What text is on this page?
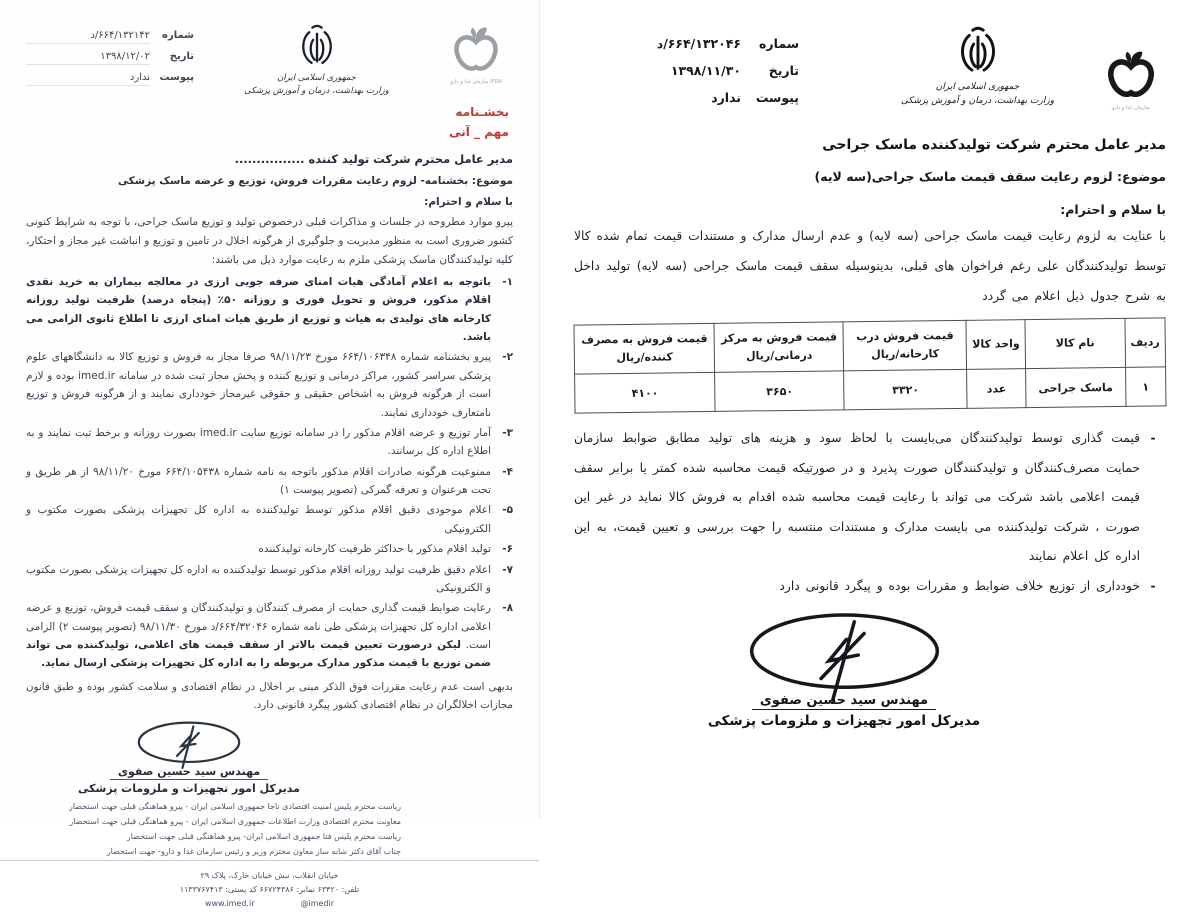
شماره
۶۶۴/۱۳۲۱۴۲/د
تاریخ
۱۳۹۸/۱۲/۰۲
پیوست
ندارد	جمهوری اسلامی ایران
وزارت بهداشت، درمان و آموزش پزشکی
سازمان غذا و دارو IFDA
بخشـنامه
مهم _ آنی
مدیر عامل محترم شرکت تولید کننده ................
موضوع: بخشنامه- لزوم رعایت مقررات فروش، توزیع و عرضه ماسک پزشکی
با سلام و احترام:
پیرو موارد مطروحه در جلسات و مذاکرات قبلی درخصوص تولید و توزیع ماسک جراحی، با توجه به شرایط کنونی کشور ضروری است به منظور مدیریت و جلوگیری از هرگونه اخلال در تامین و توزیع و انباشت غیر مجاز و احتکار، کلیه تولیدکنندگان ماسک پزشکی ملزم به رعایت موارد ذیل می باشند:
۱-
باتوجه به اعلام آمادگی هیات امنای صرفه جویی ارزی در معالجه بیماران به خرید نقدی اقلام مذکور، فروش و تحویل فوری و روزانه ۵۰٪ (پنجاه درصد) ظرفیت تولید روزانه کارخانه های تولیدی به هیات و توزیع از طریق هیات امنای ارزی تا اطلاع ثانوی الزامی می باشد.
۲-
پیرو بخشنامه شماره ۶۶۴/۱۰۶۳۴۸ مورخ ۹۸/۱۱/۲۳ صرفا مجاز به فروش و توزیع کالا به دانشگاههای علوم پزشکی سراسر کشور، مراکز درمانی و توزیع کننده و پخش مجاز ثبت شده در سامانه imed.ir بوده و لازم است از هرگونه فروش به اشخاص حقیقی و حقوقی غیرمجاز خودداری نمایند و از هرگونه فروش و توزیع نامتعارف خودداری نمایند.
۳-
آمار توزیع و عرضه اقلام مذکور را در سامانه توزیع سایت imed.ir بصورت روزانه و برخط ثبت نمایند و به اطلاع اداره کل برسانند.
۴-
ممنوعیت هرگونه صادرات اقلام مذکور باتوجه به نامه شماره ۶۶۴/۱۰۵۴۳۸ مورخ ۹۸/۱۱/۲۰ از هر طریق و تحت هرعنوان و تعرفه گمرکی (تصویر پیوست ۱)
۵-
اعلام موجودی دقیق اقلام مذکور توسط تولیدکننده به اداره کل تجهیزات پزشکی بصورت مکتوب و الکترونیکی
۶-
تولید اقلام مذکور با حداکثر ظرفیت کارخانه تولیدکننده
۷-
اعلام دقیق ظرفیت تولید روزانه اقلام مذکور توسط تولیدکننده به اداره کل تجهیزات پزشکی بصورت مکتوب و الکترونیکی
۸-
رعایت ضوابط قیمت گذاری حمایت از مصرف کنندگان و تولیدکنندگان و سقف قیمت فروش، توزیع و عرضه اعلامی اداره کل تجهیزات پزشکی طی نامه شماره ۶۶۴/۳۲۰۴۶/د مورخ ۹۸/۱۱/۳۰ (تصویر پیوست ۲) الزامی است. لیکن درصورت تعیین قیمت بالاتر از سقف قیمت های اعلامی، تولیدکننده می تواند ضمن توزیع با قیمت مذکور مدارک مربوطه را به اداره کل تجهیزات پزشکی ارسال نماید.
بدیهی است عدم رعایت مقررات فوق الذکر مبنی بر اخلال در نظام اقتصادی و سلامت کشور بوده و طبق قانون مجازات اخلالگران در نظام اقتصادی کشور پیگرد قانونی دارد.
مهندس سید حسین صفوی
مدیرکل امور تجهیزات و ملزومات پزشکی
ریاست محترم پلیس امنیت اقتصادی ناجا جمهوری اسلامی ایران - پیرو هماهنگی قبلی جهت استحضار
معاونت محترم اقتصادی وزارت اطلاعات جمهوری اسلامی ایران - پیرو هماهنگی قبلی جهت استحضار
ریاست محترم پلیس فتا جمهوری اسلامی ایران- پیرو هماهنگی قبلی جهت استحضار
جناب آقای دکتر شانه ساز معاون محترم وزیر و رئیس سازمان غذا و دارو- جهت استحضار
خیابان انقلاب، نبش خیابان خارک، پلاک ۲۹
تلفن: ۶۳۴۲۰ نمابر: ۶۶۷۲۴۳۸۶ کد پستی: ۱۱۳۳۷۶۷۴۱۳
www.imed.ir	@imedir
سماره
۶۶۴/۱۳۲۰۴۶/د
تاریخ
۱۳۹۸/۱۱/۳۰
پیوست
ندارد
جمهوری اسلامی ایران
وزارت بهداشت، درمان و آموزش پزشکی
سازمان غذا و دارو
مدیر عامل محترم شرکت تولیدکننده ماسک جراحی
موضوع: لزوم رعایت سقف قیمت ماسک جراحی(سه لایه)
با سلام و احترام:
با عنایت به لزوم رعایت قیمت ماسک جراحی (سه لایه) و عدم ارسال مدارک و مستندات قیمت تمام شده کالا توسط تولیدکنندگان علی رغم فراخوان های قبلی، بدینوسیله سقف قیمت ماسک جراحی (سه لایه) تولید داخل به شرح جدول ذیل اعلام می گردد
ردیف	نام کالا	واحد کالا	قیمت فروش درب کارخانه/ریال	قیمت فروش به مرکز درمانی/ریال	قیمت فروش به مصرف کننده/ریال
۱	ماسک جراحی	عدد	۳۳۲۰	۳۶۵۰	۴۱۰۰
-
قیمت گذاری توسط تولیدکنندگان می‌بایست با لحاظ سود و هزینه های تولید مطابق ضوابط سازمان حمایت مصرف‌کنندگان و تولیدکنندگان صورت پذیرد و در صورتیکه قیمت محاسبه شده کمتر یا برابر سقف قیمت اعلامی باشد شرکت می تواند با رعایت قیمت محاسبه شده اقدام به فروش کالا نماید در غیر این صورت ، شرکت تولیدکننده می بایست مدارک و مستندات منتسبه را جهت بررسی و تعیین قیمت، به این اداره کل اعلام نمایند
-
خودداری از توزیع خلاف ضوابط و مقررات بوده و پیگرد قانونی دارد
مهندس سید حسین صفوی
مدیرکل امور تجهیزات و ملزومات پزشکی
